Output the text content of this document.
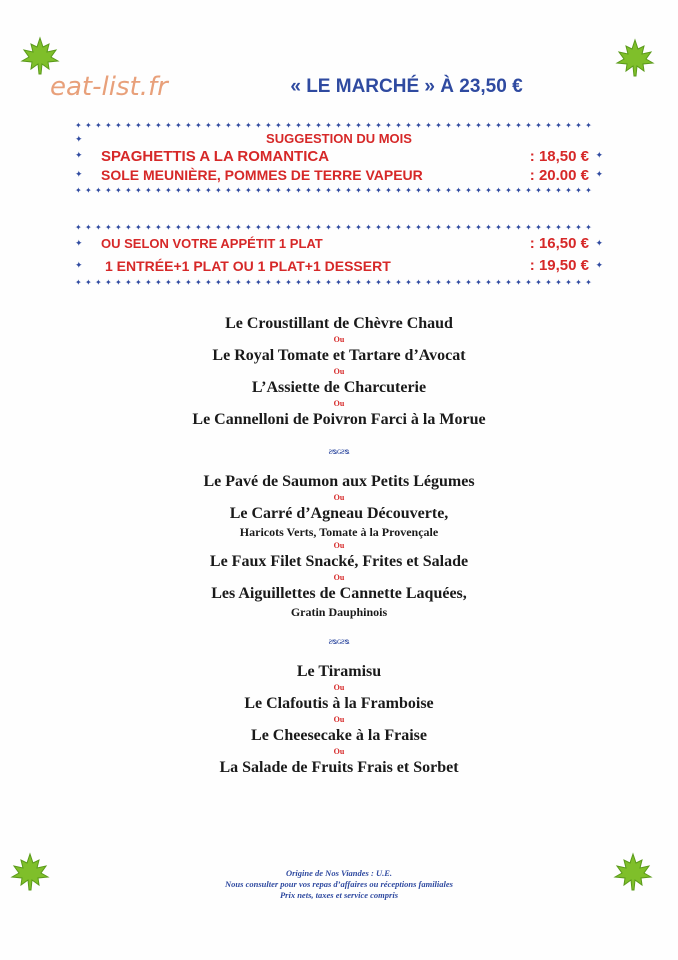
eat-list.fr	« LE MARCHÉ » À 23,50 €
✦✦✦✦✦✦✦✦✦✦✦✦✦✦✦✦✦✦✦✦✦✦✦✦✦✦✦✦✦✦✦✦✦✦✦✦✦✦✦✦✦✦✦✦✦✦✦✦✦✦✦✦
✦	SUGGESTION DU MOIS
✦ SPAGHETTIS A LA ROMANTICA	: 18,50 € ✦
✦ SOLE MEUNIÈRE, POMMES DE TERRE VAPEUR	: 20.00 € ✦
✦✦✦✦✦✦✦✦✦✦✦✦✦✦✦✦✦✦✦✦✦✦✦✦✦✦✦✦✦✦✦✦✦✦✦✦✦✦✦✦✦✦✦✦✦✦✦✦✦✦✦✦
✦✦✦✦✦✦✦✦✦✦✦✦✦✦✦✦✦✦✦✦✦✦✦✦✦✦✦✦✦✦✦✦✦✦✦✦✦✦✦✦✦✦✦✦✦✦✦✦✦✦✦✦
✦ OU SELON VOTRE APPÉTIT 1 PLAT	: 16,50 € ✦
✦ 1 ENTRÉE+1 PLAT OU 1 PLAT+1 DESSERT	: 19,50 € ✦
✦✦✦✦✦✦✦✦✦✦✦✦✦✦✦✦✦✦✦✦✦✦✦✦✦✦✦✦✦✦✦✦✦✦✦✦✦✦✦✦✦✦✦✦✦✦✦✦✦✦✦✦
Le Croustillant de Chèvre Chaud
Ou
Le Royal Tomate et Tartare d’Avocat
Ou
L’Assiette de Charcuterie
Ou
Le Cannelloni de Poivron Farci à la Morue
ƨᴓɢƨᴓ
Le Pavé de Saumon aux Petits Légumes
Ou
Le Carré d’Agneau Découverte,
Haricots Verts, Tomate à la Provençale
Ou
Le Faux Filet Snacké, Frites et Salade
Ou
Les Aiguillettes de Cannette Laquées,
Gratin Dauphinois
ƨᴓɢƨᴓ
Le Tiramisu
Ou
Le Clafoutis à la Framboise
Ou
Le Cheesecake à la Fraise
Ou
La Salade de Fruits Frais et Sorbet
Origine de Nos Viandes : U.E.
Nous consulter pour vos repas d’affaires ou réceptions familiales
Prix nets, taxes et service compris
